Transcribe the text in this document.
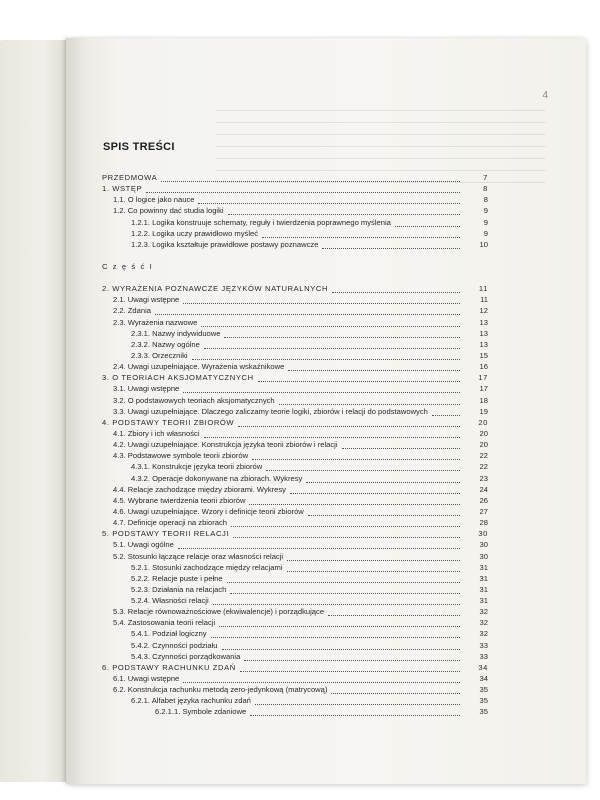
4
SPIS TREŚCI
PRZEDMOWA	7
1. WSTĘP	8
1.1. O logice jako nauce	8
1.2. Co powinny dać studia logiki	9
1.2.1. Logika konstruuje schematy, reguły i twierdzenia poprawnego myślenia	9
1.2.2. Logika uczy prawidłowo myśleć	9
1.2.3. Logika kształtuje prawidłowe postawy poznawcze	10
C z ę ś ć I
2. WYRAŻENIA POZNAWCZE JĘZYKÓW NATURALNYCH	11
2.1. Uwagi wstępne	11
2.2. Zdania	12
2.3. Wyrażenia nazwowe	13
2.3.1. Nazwy indywiduowe	13
2.3.2. Nazwy ogólne	13
2.3.3. Orzeczniki	15
2.4. Uwagi uzupełniające. Wyrażenia wskaźnikowe	16
3. O TEORIACH AKSJOMATYCZNYCH	17
3.1. Uwagi wstępne	17
3.2. O podstawowych teoriach aksjomatycznych	18
3.3. Uwagi uzupełniające. Dlaczego zaliczamy teorie logiki, zbiorów i relacji do podstawowych	19
4. PODSTAWY TEORII ZBIORÓW	20
4.1. Zbiory i ich własności	20
4.2. Uwagi uzupełniające. Konstrukcja języka teorii zbiorów i relacji	20
4.3. Podstawowe symbole teorii zbiorów	22
4.3.1. Konstrukcje języka teorii zbiorów	22
4.3.2. Operacje dokonywane na zbiorach. Wykresy	23
4.4. Relacje zachodzące między zbiorami. Wykresy	24
4.5. Wybrane twierdzenia teorii zbiorów	26
4.6. Uwagi uzupełniające. Wzory i definicje teorii zbiorów	27
4.7. Definicje operacji na zbiorach	28
5. PODSTAWY TEORII RELACJI	30
5.1. Uwagi ogólne	30
5.2. Stosunki łączące relacje oraz własności relacji	30
5.2.1. Stosunki zachodzące między relacjami	31
5.2.2. Relacje puste i pełne	31
5.2.3. Działania na relacjach	31
5.2.4. Własności relacji	31
5.3. Relacje równoważnościowe (ekwiwalencje) i porządkujące	32
5.4. Zastosowania teorii relacji	32
5.4.1. Podział logiczny	32
5.4.2. Czynności podziału	33
5.4.3. Czynności porządkowania	33
6. PODSTAWY RACHUNKU ZDAŃ	34
6.1. Uwagi wstępne	34
6.2. Konstrukcja rachunku metodą zero-jedynkową (matrycową)	35
6.2.1. Alfabet języka rachunku zdań	35
6.2.1.1. Symbole zdaniowe	35
